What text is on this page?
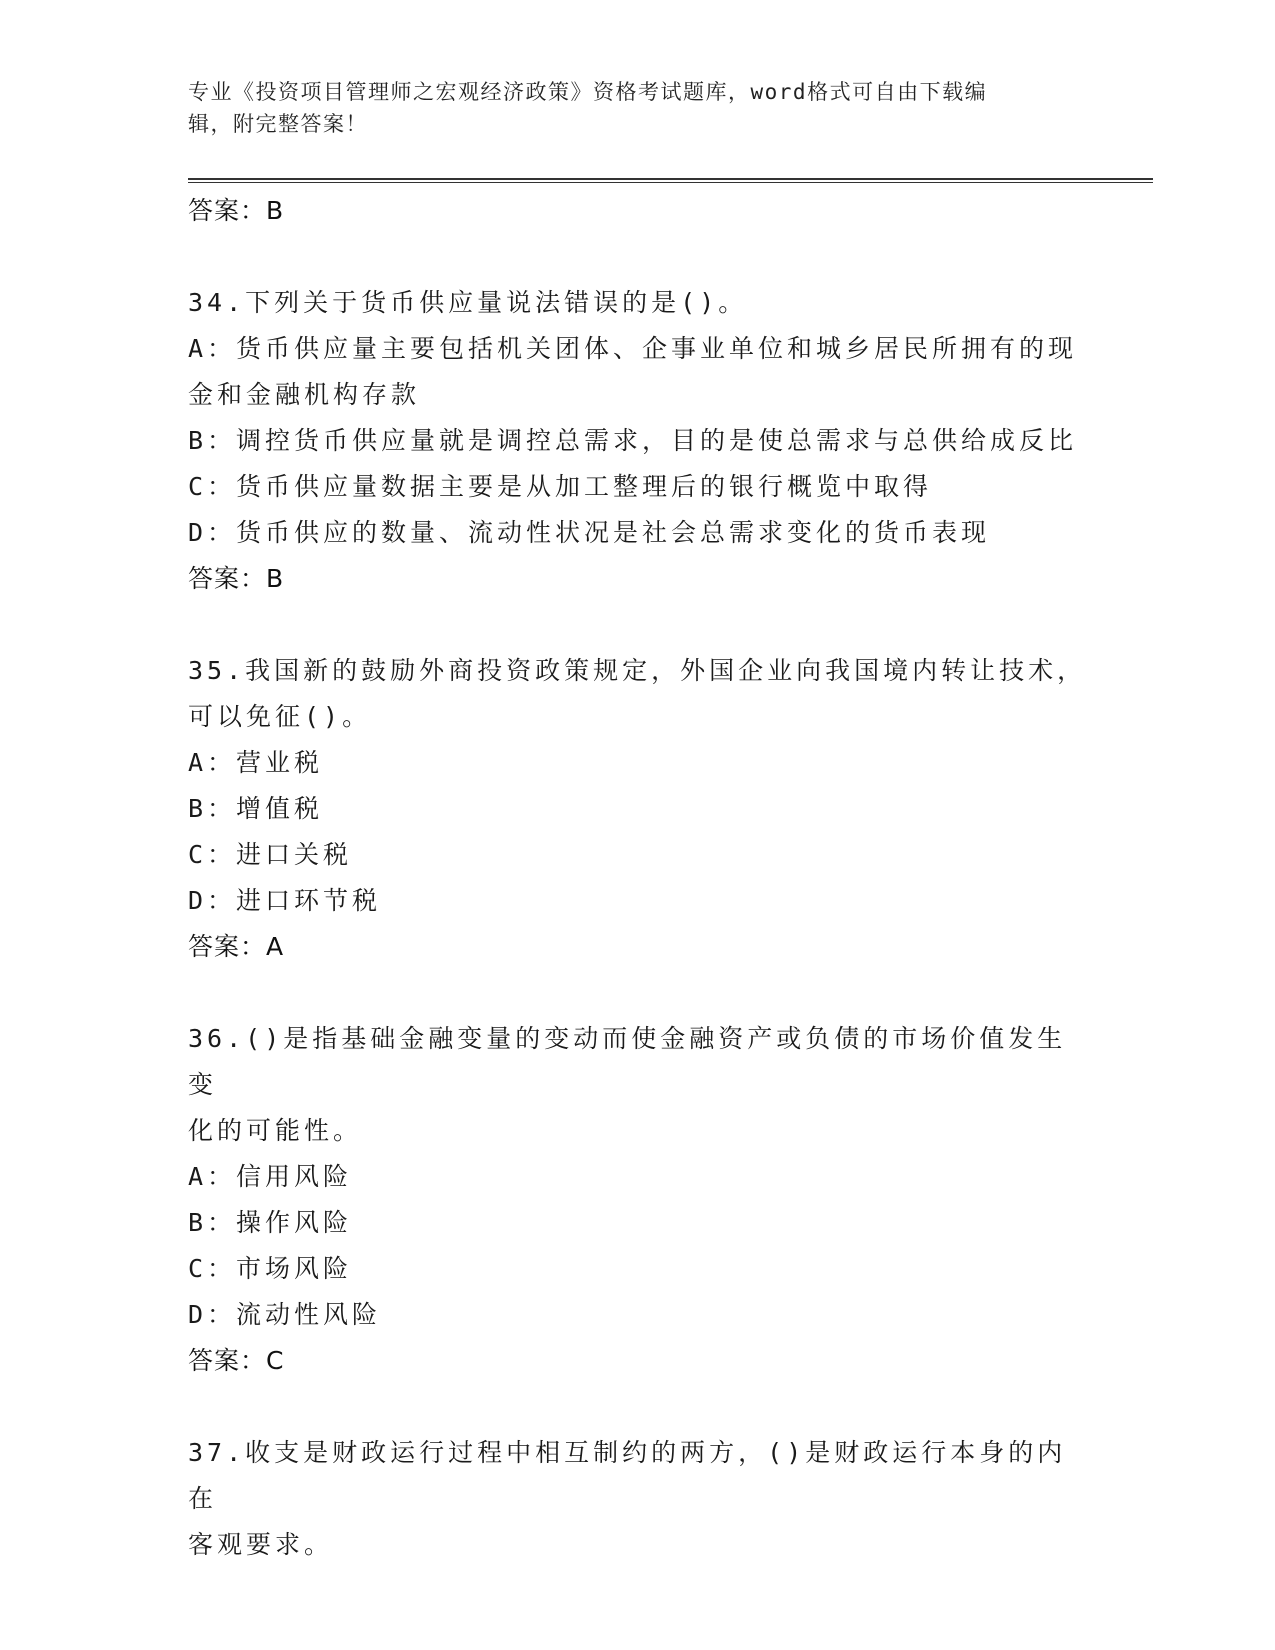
专业《投资项目管理师之宏观经济政策》资格考试题库，word格式可自由下载编
辑，附完整答案！

答案：B

34.下列关于货币供应量说法错误的是()。

A：货币供应量主要包括机关团体、企事业单位和城乡居民所拥有的现

金和金融机构存款

B：调控货币供应量就是调控总需求，目的是使总需求与总供给成反比

C：货币供应量数据主要是从加工整理后的银行概览中取得

D：货币供应的数量、流动性状况是社会总需求变化的货币表现

答案：B

35.我国新的鼓励外商投资政策规定，外国企业向我国境内转让技术，

可以免征()。

A：营业税

B：增值税

C：进口关税

D：进口环节税

答案：A

36.()是指基础金融变量的变动而使金融资产或负债的市场价值发生变

化的可能性。

A：信用风险

B：操作风险

C：市场风险

D：流动性风险

答案：C

37.收支是财政运行过程中相互制约的两方，()是财政运行本身的内在

客观要求。
